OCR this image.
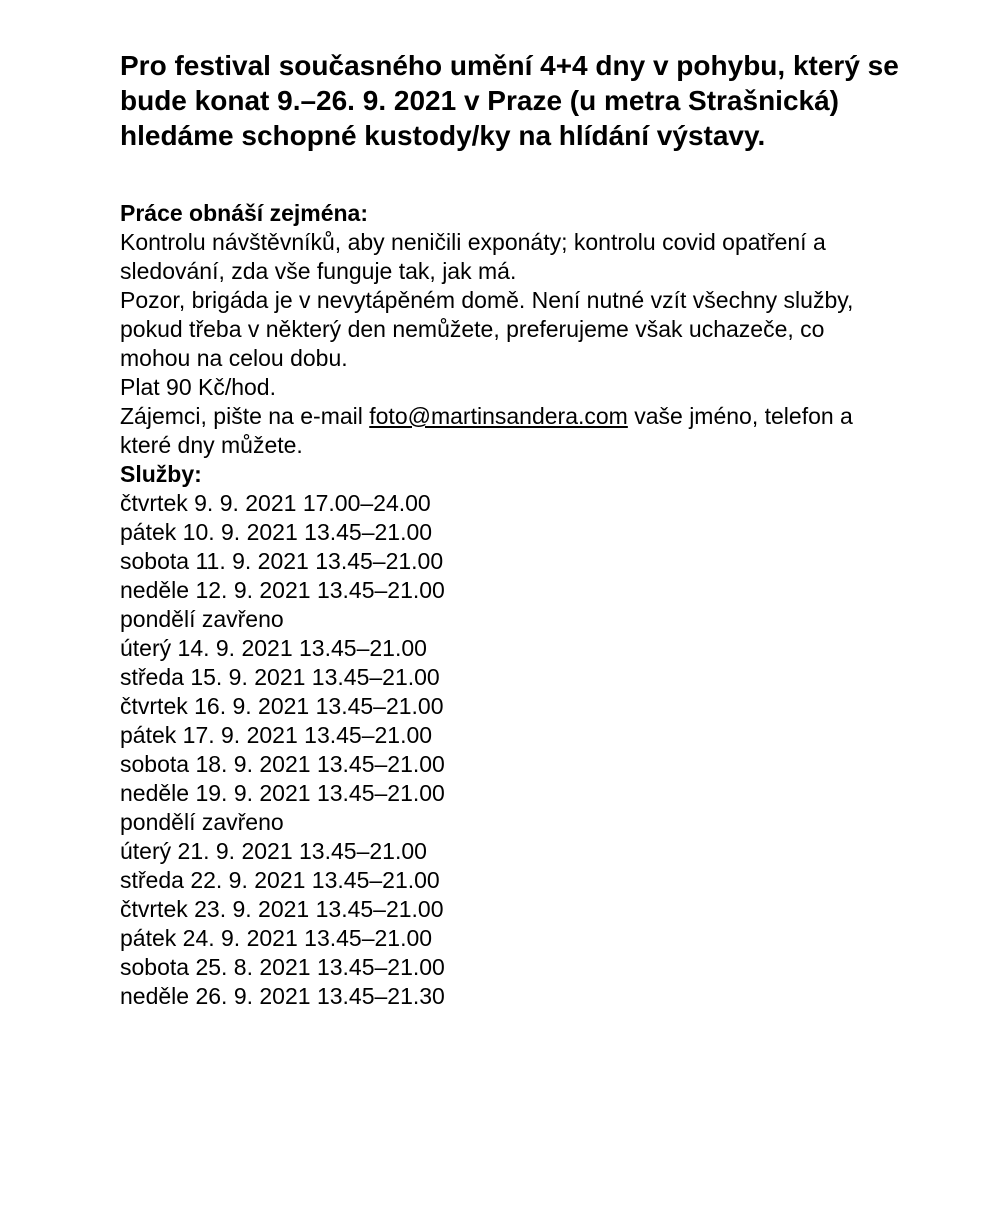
Pro festival současného umění 4+4 dny v pohybu, který se bude konat 9.–26. 9. 2021 v Praze (u metra Strašnická) hledáme schopné kustody/ky na hlídání výstavy.

Práce obnáší zejména:

Kontrolu návštěvníků, aby neničili exponáty; kontrolu covid opatření a sledování, zda vše funguje tak, jak má.

Pozor, brigáda je v nevytápěném domě. Není nutné vzít všechny služby, pokud třeba v některý den nemůžete, preferujeme však uchazeče, co mohou na celou dobu.

Plat 90 Kč/hod.

Zájemci, pište na e-mail foto@martinsandera.com vaše jméno, telefon a které dny můžete.

Služby:

čtvrtek 9. 9. 2021 17.00–24.00
pátek 10. 9. 2021 13.45–21.00
sobota 11. 9. 2021 13.45–21.00
neděle 12. 9. 2021 13.45–21.00
pondělí zavřeno
úterý 14. 9. 2021 13.45–21.00
středa 15. 9. 2021 13.45–21.00
čtvrtek 16. 9. 2021 13.45–21.00
pátek 17. 9. 2021 13.45–21.00
sobota 18. 9. 2021 13.45–21.00
neděle 19. 9. 2021 13.45–21.00
pondělí zavřeno
úterý 21. 9. 2021 13.45–21.00
středa 22. 9. 2021 13.45–21.00
čtvrtek 23. 9. 2021 13.45–21.00
pátek 24. 9. 2021 13.45–21.00
sobota 25. 8. 2021 13.45–21.00
neděle 26. 9. 2021 13.45–21.30
